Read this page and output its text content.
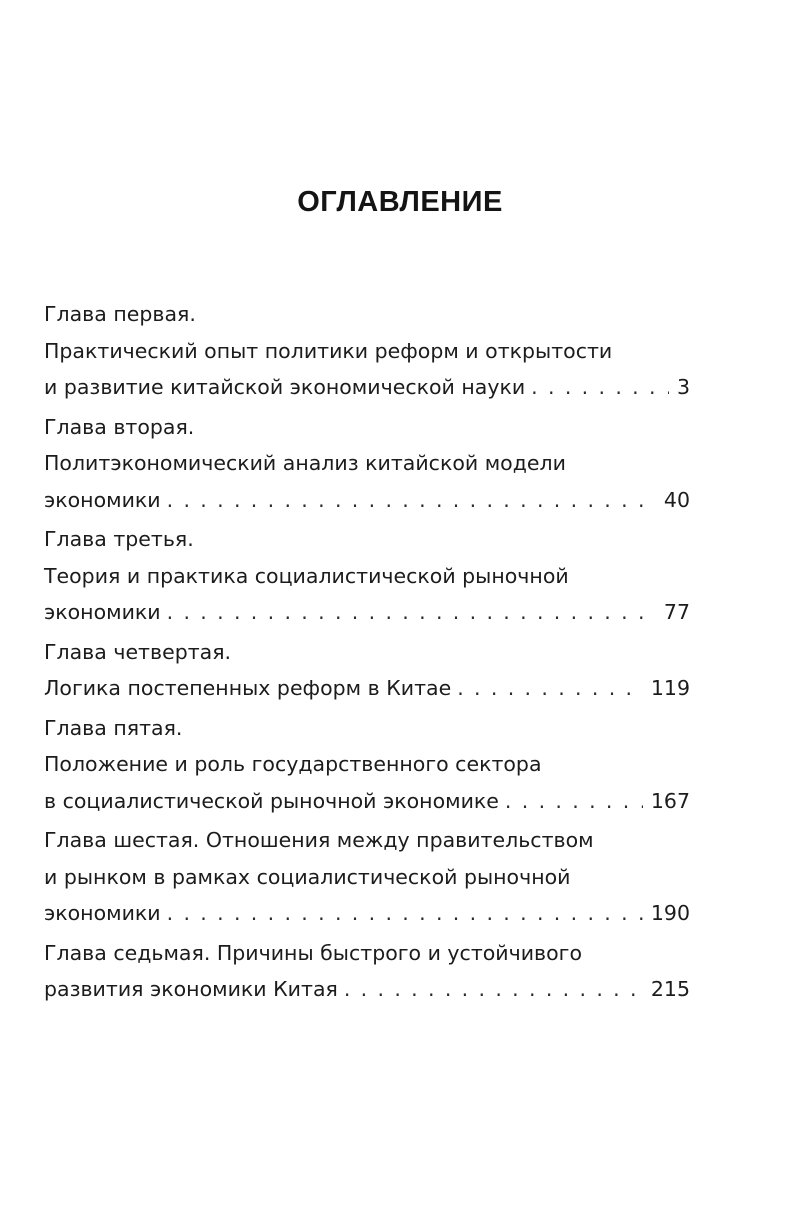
ОГЛАВЛЕНИЕ
Глава первая.
Практический опыт политики реформ и открытости
и развитие китайской экономической науки . . .	3
Глава вторая.
Политэкономический анализ китайской модели
экономики . . .	40
Глава третья.
Теория и практика социалистической рыночной
экономики . . .	77
Глава четвертая.
Логика постепенных реформ в Китае . . .	119
Глава пятая.
Положение и роль государственного сектора
в социалистической рыночной экономике . . .	167
Глава шестая. Отношения между правительством
и рынком в рамках социалистической рыночной
экономики . . .	190
Глава седьмая. Причины быстрого и устойчивого
развития экономики Китая . . .	215
